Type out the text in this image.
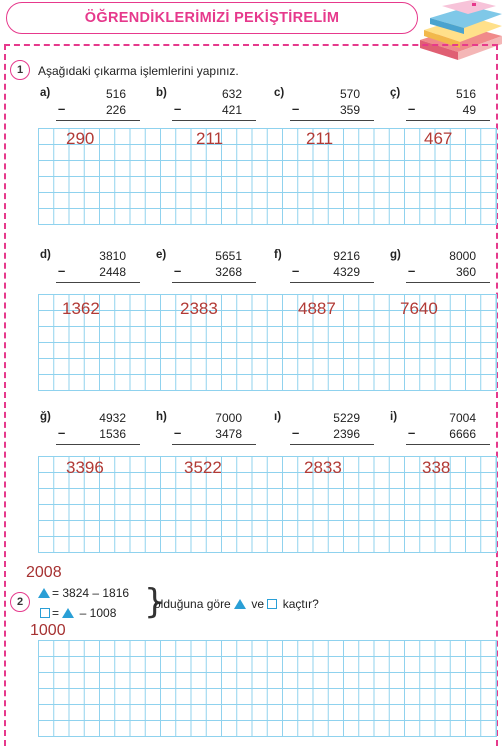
ÖĞRENDİKLERİMİZİ PEKİŞTİRELİM
1	Aşağıdaki çıkarma işlemlerini yapınız.
a)	516
–	226
b)	632
–	421
c)	570
–	359
ç)	516
–	49
290	211	211	467
d)	3810
–	2448
e)	5651
–	3268
f)	9216
–	4329
g)	8000
–	360
1362	2383	4887	7640
ğ)	4932
–	1536
h)	7000
–	3478
ı)	5229
–	2396
i)	7004
–	6666
3396	3522	2833	338
2008
2
= 3824 – 1816
=  – 1008 }
olduğuna göre  ve  kaçtır?
1000
